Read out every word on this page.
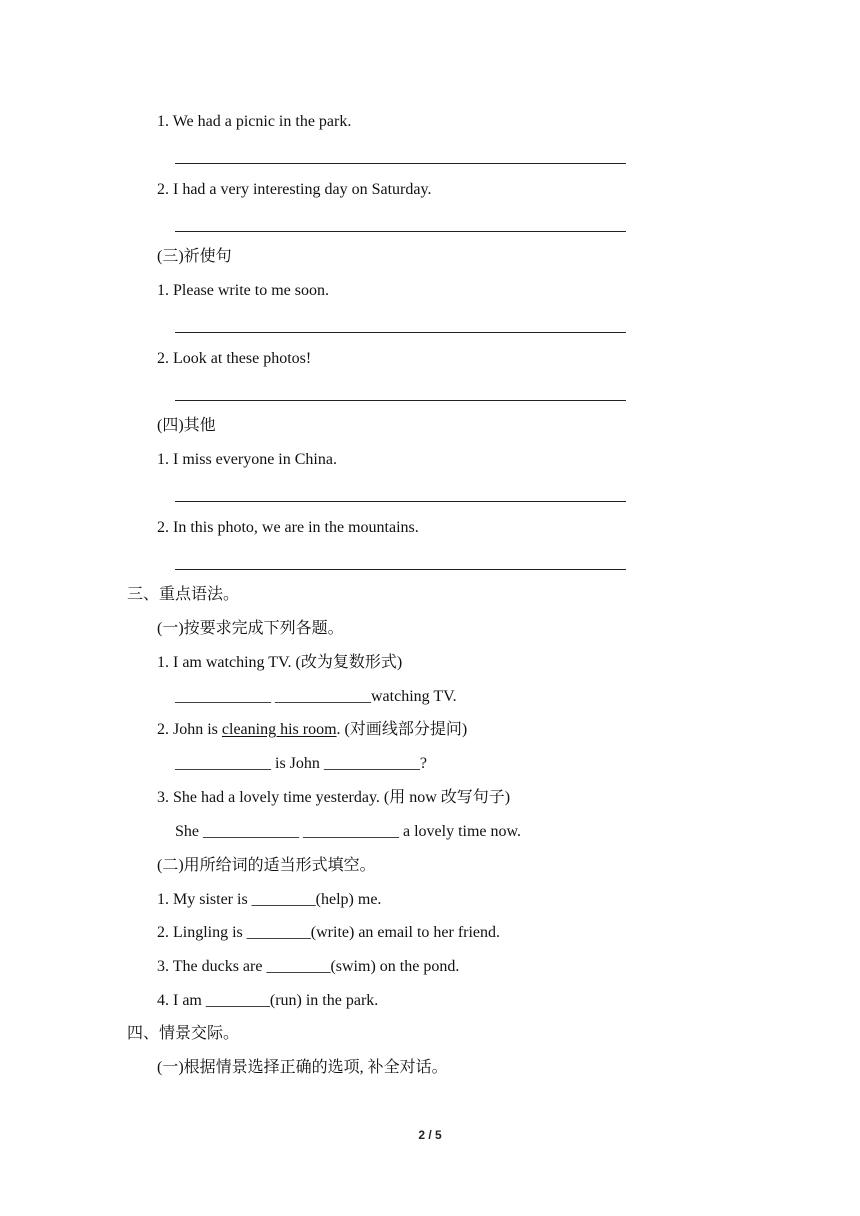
1. We had a picnic in the park.
2. I had a very interesting day on Saturday.
(三)祈使句
1. Please write to me soon.
2. Look at these photos!
(四)其他
1. I miss everyone in China.
2. In this photo, we are in the mountains.
三、重点语法。
(一)按要求完成下列各题。
1. I am watching TV. (改为复数形式)
____________ ____________watching TV.
2. John is cleaning his room. (对画线部分提问)
____________ is John ____________?
3. She had a lovely time yesterday. (用 now 改写句子)
She ____________ ____________ a lovely time now.
(二)用所给词的适当形式填空。
1. My sister is ________(help) me.
2. Lingling is ________(write) an email to her friend.
3. The ducks are ________(swim) on the pond.
4. I am ________(run) in the park.
四、情景交际。
(一)根据情景选择正确的选项, 补全对话。
2 / 5
